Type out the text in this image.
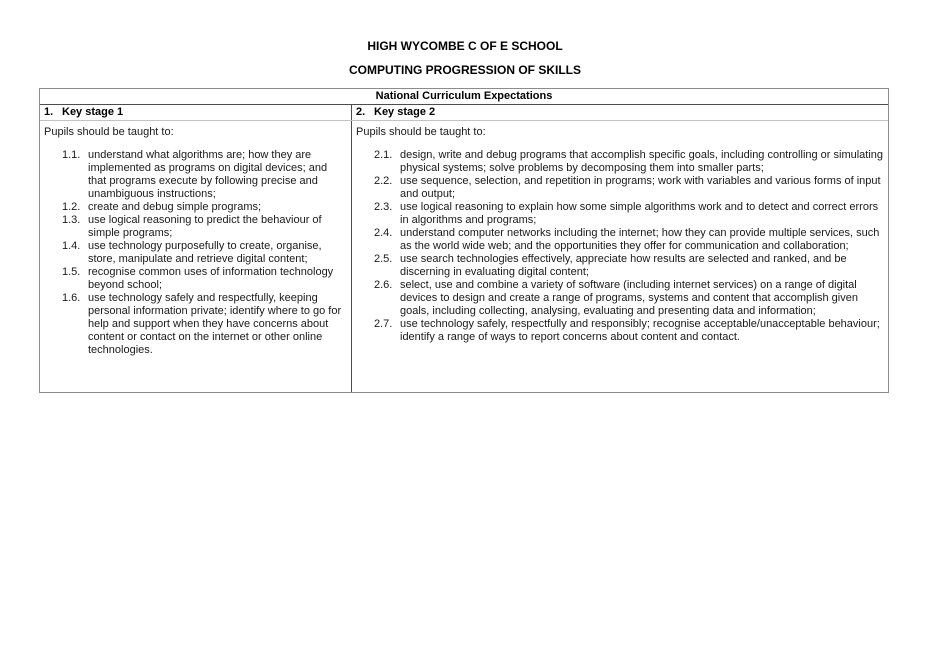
HIGH WYCOMBE C OF E SCHOOL
COMPUTING PROGRESSION OF SKILLS
National Curriculum Expectations
1. Key stage 1	2. Key stage 2
Pupils should be taught to:
1.1. understand what algorithms are; how they are implemented as programs on digital devices; and that programs execute by following precise and unambiguous instructions;
1.2. create and debug simple programs;
1.3. use logical reasoning to predict the behaviour of simple programs;
1.4. use technology purposefully to create, organise, store, manipulate and retrieve digital content;
1.5. recognise common uses of information technology beyond school;
1.6. use technology safely and respectfully, keeping personal information private; identify where to go for help and support when they have concerns about content or contact on the internet or other online technologies.
Pupils should be taught to:
2.1. design, write and debug programs that accomplish specific goals, including controlling or simulating physical systems; solve problems by decomposing them into smaller parts;
2.2. use sequence, selection, and repetition in programs; work with variables and various forms of input and output;
2.3. use logical reasoning to explain how some simple algorithms work and to detect and correct errors in algorithms and programs;
2.4. understand computer networks including the internet; how they can provide multiple services, such as the world wide web; and the opportunities they offer for communication and collaboration;
2.5. use search technologies effectively, appreciate how results are selected and ranked, and be discerning in evaluating digital content;
2.6. select, use and combine a variety of software (including internet services) on a range of digital devices to design and create a range of programs, systems and content that accomplish given goals, including collecting, analysing, evaluating and presenting data and information;
2.7. use technology safely, respectfully and responsibly; recognise acceptable/unacceptable behaviour; identify a range of ways to report concerns about content and contact.
